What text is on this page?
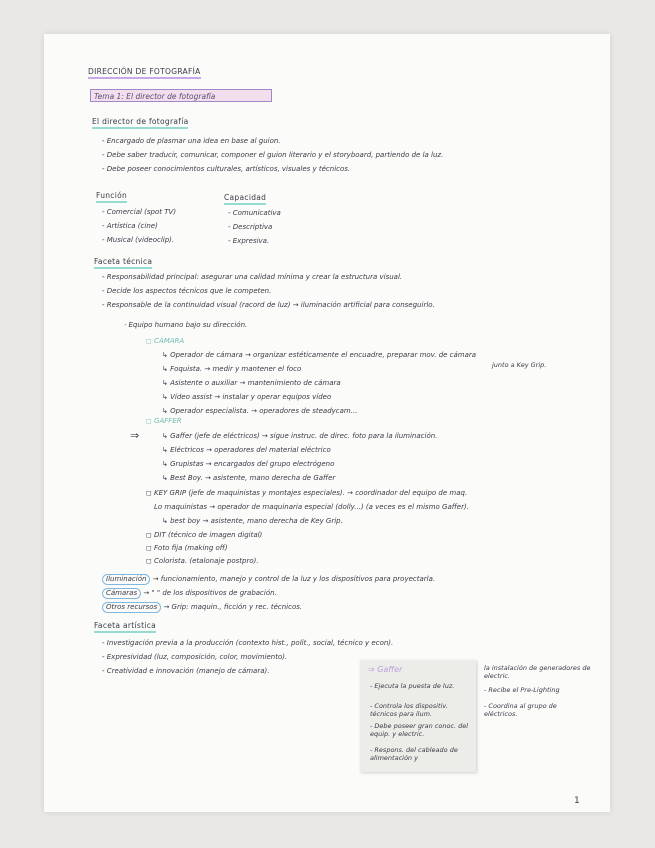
DIRECCIÓN DE FOTOGRAFÍA
Tema 1: El director de fotografía
El director de fotografía
- Encargado de plasmar una idea en base al guion.
- Debe saber traducir, comunicar, componer el guion literario y el storyboard, partiendo de la luz.
- Debe poseer conocimientos culturales, artísticos, visuales y técnicos.
Función
- Comercial (spot TV)
- Artística (cine)
- Musical (videoclip).
Capacidad
- Comunicativa
- Descriptiva
- Expresiva.
Faceta técnica
- Responsabilidad principal: asegurar una calidad mínima y crear la estructura visual.
- Decide los aspectos técnicos que le competen.
- Responsable de la continuidad visual (racord de luz) → iluminación artificial para conseguirlo.
· Equipo humano bajo su dirección.
◻ CÁMARA
↳ Operador de cámara → organizar estéticamente el encuadre, preparar mov. de cámara
junto a Key Grip.
↳ Foquista. → medir y mantener el foco
↳ Asistente o auxiliar → mantenimiento de cámara
↳ Vídeo assist → instalar y operar equipos vídeo
↳ Operador especialista. → operadores de steadycam...
◻ GAFFER
⇒	↳ Gaffer (jefe de eléctricos) → sigue instruc. de direc. foto para la iluminación.
↳ Eléctricos → operadores del material eléctrico
↳ Grupistas → encargados del grupo electrógeno
↳ Best Boy. → asistente, mano derecha de Gaffer
◻ KEY GRIP (jefe de maquinistas y montajes especiales). → coordinador del equipo de maq.
Lo maquinistas → operador de maquinaria especial (dolly...) (a veces es el mismo Gaffer).
↳ best boy → asistente, mano derecha de Key Grip.
◻ DIT (técnico de imagen digital)
◻ Foto fija (making off)
◻ Colorista. (etalonaje postpro).
Iluminación → funcionamiento, manejo y control de la luz y los dispositivos para proyectarla.
Cámaras → " " de los dispositivos de grabación.
Otros recursos → Grip: maquin., ficción y rec. técnicos.
Faceta artística
- Investigación previa a la producción (contexto hist., polít., social, técnico y econ).
- Expresividad (luz, composición, color, movimiento).
- Creatividad e innovación (manejo de cámara).	⇒ Gaffer
- Ejecuta la puesta de luz.
- Controla los dispositiv. técnicos para ilum.
- Debe poseer gran conoc. del equip. y electric.
- Respons. del cableado de alimentación y
la instalación de generadores de electric.
- Recibe el Pre-Lighting
- Coordina al grupo de eléctricos.
1
